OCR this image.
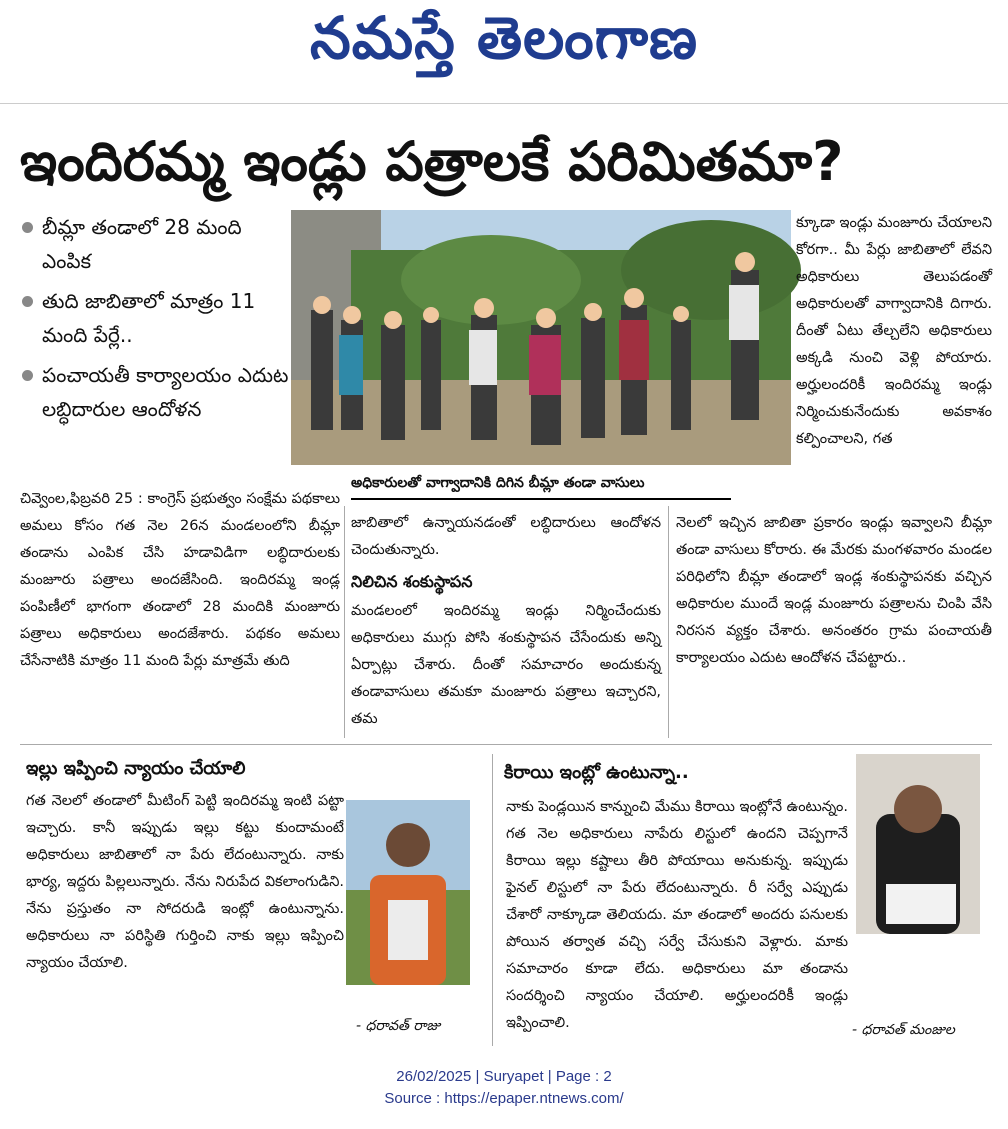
నమస్తే తెలంగాణ
ఇందిరమ్మ ఇండ్లు పత్రాలకే పరిమితమా?
బీమ్లా తండాలో 28 మంది ఎంపిక
తుది జాబితాలో మాత్రం 11 మంది పేర్లే..
పంచాయతీ కార్యాలయం ఎదుట లబ్ధిదారుల ఆందోళన
అధికారులతో వాగ్వాదానికి దిగిన బీమ్లా తండా వాసులు

చివ్వెంల,ఫిబ్రవరి 25 : కాంగ్రెస్ ప్రభుత్వం సంక్షేమ పథకాలు అమలు కోసం గత నెల 26న మండలంలోని బీమ్లా తండాను ఎంపిక చేసి హడావిడిగా లబ్ధిదారులకు మంజూరు పత్రాలు అందజేసింది. ఇందిరమ్మ ఇండ్ల పంపిణీలో భాగంగా తండాలో 28 మందికి మంజూరు పత్రాలు అధికారులు అందజేశారు. పథకం అమలు చేసేనాటికి మాత్రం 11 మంది పేర్లు మాత్రమే తుది

జాబితాలో ఉన్నాయనడంతో లబ్ధిదారులు ఆందోళన చెందుతున్నారు.

నిలిచిన శంకుస్థాపన

మండలంలో ఇందిరమ్మ ఇండ్లు నిర్మించేందుకు అధికారులు ముగ్గు పోసి శంకుస్థాపన చేసేందుకు అన్ని ఏర్పాట్లు చేశారు. దీంతో సమాచారం అందుకున్న తండావాసులు తమకూ మంజూరు పత్రాలు ఇచ్చారని, తమ

క్కూడా ఇండ్లు మంజూరు చేయాలని కోరగా.. మీ పేర్లు జాబితాలో లేవని అధికారులు తెలుపడంతో అధికారులతో వాగ్వాదానికి దిగారు. దీంతో ఏటు తేల్చలేని అధికారులు అక్కడి నుంచి వెళ్లి పోయారు. అర్హులందరికీ ఇందిరమ్మ ఇండ్లు నిర్మించుకునేందుకు అవకాశం కల్పించాలని, గత

నెలలో ఇచ్చిన జాబితా ప్రకారం ఇండ్లు ఇవ్వాలని బీమ్లా తండా వాసులు కోరారు. ఈ మేరకు మంగళవారం మండల పరిధిలోని బీమ్లా తండాలో ఇండ్ల శంకుస్థాపనకు వచ్చిన అధికారుల ముందే ఇండ్ల మంజూరు పత్రాలను చింపి వేసి నిరసన వ్యక్తం చేశారు. అనంతరం గ్రామ పంచాయతీ కార్యాలయం ఎదుట ఆందోళన చేపట్టారు..

ఇల్లు ఇప్పించి న్యాయం చేయాలి

గత నెలలో తండాలో మీటింగ్ పెట్టి ఇందిరమ్మ ఇంటి పట్టా ఇచ్చారు. కానీ ఇప్పుడు ఇల్లు కట్టు కుందామంటే అధికారులు జాబితాలో నా పేరు లేదంటున్నారు. నాకు భార్య, ఇద్దరు పిల్లలున్నారు. నేను నిరుపేద వికలాంగుడిని. నేను ప్రస్తుతం నా సోదరుడి ఇంట్లో ఉంటున్నాను. అధికారులు నా పరిస్థితి గుర్తించి నాకు ఇల్లు ఇప్పించి న్యాయం చేయాలి.

- ధరావత్ రాజు
కిరాయి ఇంట్లో ఉంటున్నా..

నాకు పెండ్లయిన కాన్నుంచి మేము కిరాయి ఇంట్లోనే ఉంటున్నం. గత నెల అధికారులు నాపేరు లిస్టులో ఉందని చెప్పగానే కిరాయి ఇల్లు కష్టాలు తీరి పోయాయి అనుకున్న. ఇప్పుడు ఫైనల్ లిస్టులో నా పేరు లేదంటున్నారు. రీ సర్వే ఎప్పుడు చేశారో నాక్కూడా తెలియదు. మా తండాలో అందరు పనులకు పోయిన తర్వాత వచ్చి సర్వే చేసుకుని వెళ్లారు. మాకు సమాచారం కూడా లేదు. అధికారులు మా తండాను సందర్శించి న్యాయం చేయాలి. అర్హులందరికీ ఇండ్లు ఇప్పించాలి.	- ధరావత్ మంజుల
26/02/2025 | Suryapet | Page : 2
Source : https://epaper.ntnews.com/
